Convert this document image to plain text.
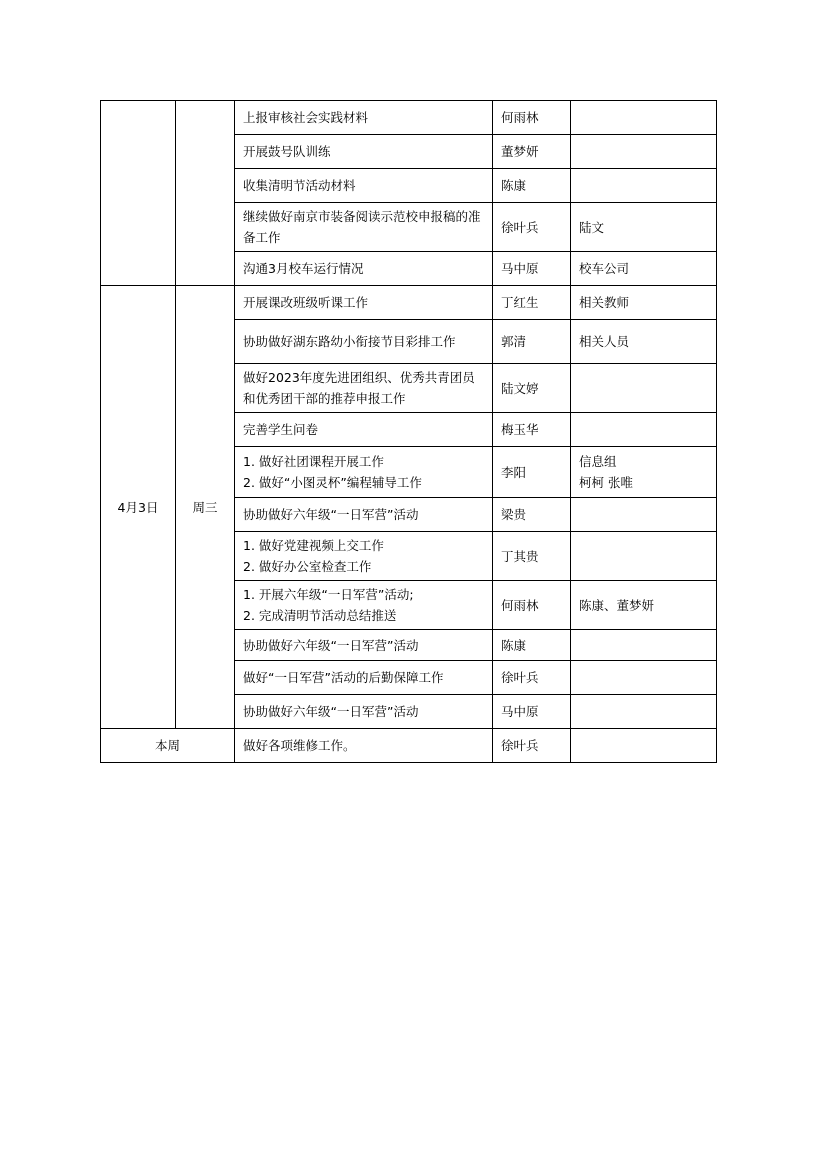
		上报审核社会实践材料	何雨林	
		开展鼓号队训练	董梦妍	
		收集清明节活动材料	陈康	
		继续做好南京市装备阅读示范校申报稿的准备工作	徐叶兵	陆文
		沟通3月校车运行情况	马中原	校车公司
4月3日	周三	开展课改班级听课工作	丁红生	相关教师
		协助做好湖东路幼小衔接节目彩排工作	郭清	相关人员
		做好2023年度先进团组织、优秀共青团员和优秀团干部的推荐申报工作	陆文婷	
		完善学生问卷	梅玉华	

		1. 做好社团课程开展工作
2. 做好“小图灵杯”编程辅导工作	李阳	信息组
柯柯 张唯

		协助做好六年级“一日军营”活动	梁贵	

		1. 做好党建视频上交工作
2. 做好办公室检查工作	丁其贵	

		1. 开展六年级“一日军营”活动;
2. 完成清明节活动总结推送	何雨林	陈康、董梦妍
		协助做好六年级“一日军营”活动	陈康	
		做好“一日军营”活动的后勤保障工作	徐叶兵	
		协助做好六年级“一日军营”活动	马中原	
本周		做好各项维修工作。	徐叶兵	
